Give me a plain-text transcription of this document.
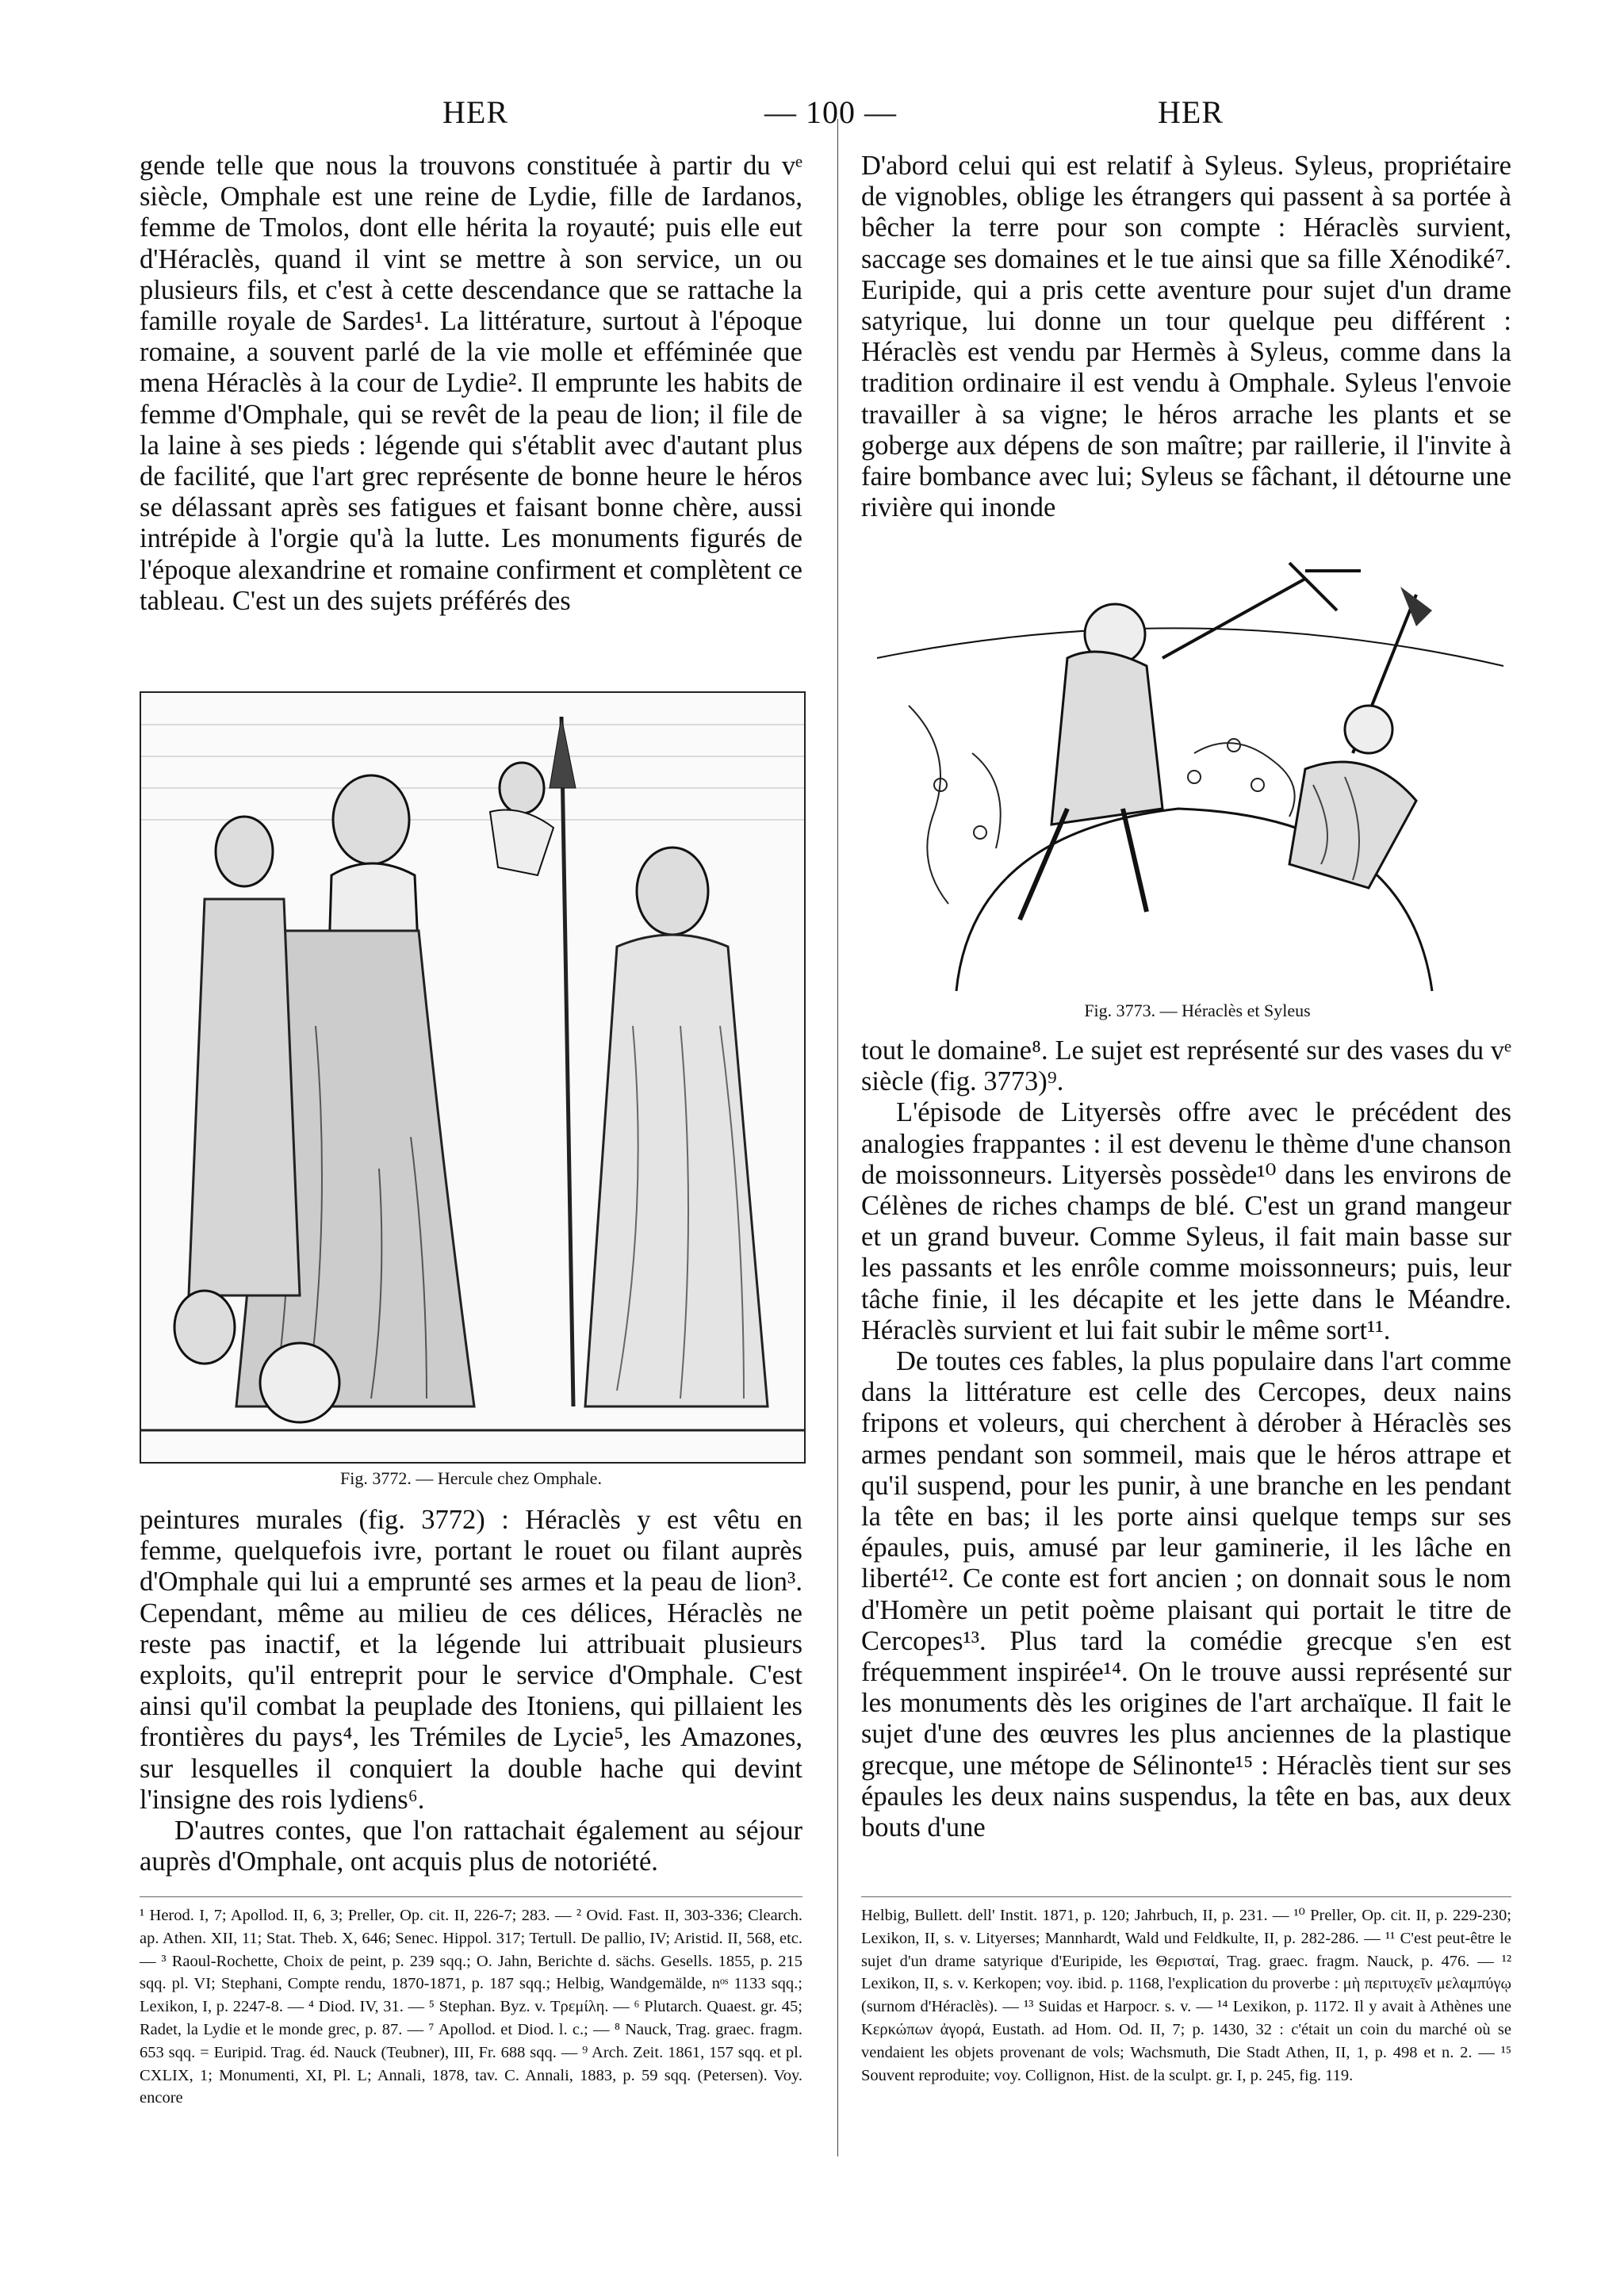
HER	— 100 —	HER

gende telle que nous la trouvons constituée à partir du vᵉ siècle, Omphale est une reine de Lydie, fille de Iardanos, femme de Tmolos, dont elle hérita la royauté; puis elle eut d'Héraclès, quand il vint se mettre à son service, un ou plusieurs fils, et c'est à cette descendance que se rattache la famille royale de Sardes¹. La littérature, surtout à l'époque romaine, a souvent parlé de la vie molle et efféminée que mena Héraclès à la cour de Lydie². Il emprunte les habits de femme d'Omphale, qui se revêt de la peau de lion; il file de la laine à ses pieds : légende qui s'établit avec d'autant plus de facilité, que l'art grec représente de bonne heure le héros se délassant après ses fatigues et faisant bonne chère, aussi intrépide à l'orgie qu'à la lutte. Les monuments figurés de l'époque alexandrine et romaine confirment et complètent ce tableau. C'est un des sujets préférés des

Fig. 3772. — Hercule chez Omphale.

peintures murales (fig. 3772) : Héraclès y est vêtu en femme, quelquefois ivre, portant le rouet ou filant auprès d'Omphale qui lui a emprunté ses armes et la peau de lion³. Cependant, même au milieu de ces délices, Héraclès ne reste pas inactif, et la légende lui attribuait plusieurs exploits, qu'il entreprit pour le service d'Omphale. C'est ainsi qu'il combat la peuplade des Itoniens, qui pillaient les frontières du pays⁴, les Trémiles de Lycie⁵, les Amazones, sur lesquelles il conquiert la double hache qui devint l'insigne des rois lydiens⁶.

D'autres contes, que l'on rattachait également au séjour auprès d'Omphale, ont acquis plus de notoriété.

D'abord celui qui est relatif à Syleus. Syleus, propriétaire de vignobles, oblige les étrangers qui passent à sa portée à bêcher la terre pour son compte : Héraclès survient, saccage ses domaines et le tue ainsi que sa fille Xénodiké⁷. Euripide, qui a pris cette aventure pour sujet d'un drame satyrique, lui donne un tour quelque peu différent : Héraclès est vendu par Hermès à Syleus, comme dans la tradition ordinaire il est vendu à Omphale. Syleus l'envoie travailler à sa vigne; le héros arrache les plants et se goberge aux dépens de son maître; par raillerie, il l'invite à faire bombance avec lui; Syleus se fâchant, il détourne une rivière qui inonde

Fig. 3773. — Héraclès et Syleus

tout le domaine⁸. Le sujet est représenté sur des vases du vᵉ siècle (fig. 3773)⁹.

L'épisode de Lityersès offre avec le précédent des analogies frappantes : il est devenu le thème d'une chanson de moissonneurs. Lityersès possède¹⁰ dans les environs de Célènes de riches champs de blé. C'est un grand mangeur et un grand buveur. Comme Syleus, il fait main basse sur les passants et les enrôle comme moissonneurs; puis, leur tâche finie, il les décapite et les jette dans le Méandre. Héraclès survient et lui fait subir le même sort¹¹.

De toutes ces fables, la plus populaire dans l'art comme dans la littérature est celle des Cercopes, deux nains fripons et voleurs, qui cherchent à dérober à Héraclès ses armes pendant son sommeil, mais que le héros attrape et qu'il suspend, pour les punir, à une branche en les pendant la tête en bas; il les porte ainsi quelque temps sur ses épaules, puis, amusé par leur gaminerie, il les lâche en liberté¹². Ce conte est fort ancien ; on donnait sous le nom d'Homère un petit poème plaisant qui portait le titre de Cercopes¹³. Plus tard la comédie grecque s'en est fréquemment inspirée¹⁴. On le trouve aussi représenté sur les monuments dès les origines de l'art archaïque. Il fait le sujet d'une des œuvres les plus anciennes de la plastique grecque, une métope de Sélinonte¹⁵ : Héraclès tient sur ses épaules les deux nains suspendus, la tête en bas, aux deux bouts d'une

¹ Herod. I, 7; Apollod. II, 6, 3; Preller, Op. cit. II, 226-7; 283. — ² Ovid. Fast. II, 303-336; Clearch. ap. Athen. XII, 11; Stat. Theb. X, 646; Senec. Hippol. 317; Tertull. De pallio, IV; Aristid. II, 568, etc. — ³ Raoul-Rochette, Choix de peint, p. 239 sqq.; O. Jahn, Berichte d. sächs. Gesells. 1855, p. 215 sqq. pl. VI; Stephani, Compte rendu, 1870-1871, p. 187 sqq.; Helbig, Wandgemälde, nᵒˢ 1133 sqq.; Lexikon, I, p. 2247-8. — ⁴ Diod. IV, 31. — ⁵ Stephan. Byz. v. Τρεμίλη. — ⁶ Plutarch. Quaest. gr. 45; Radet, la Lydie et le monde grec, p. 87. — ⁷ Apollod. et Diod. l. c.; — ⁸ Nauck, Trag. graec. fragm. 653 sqq. = Euripid. Trag. éd. Nauck (Teubner), III, Fr. 688 sqq. — ⁹ Arch. Zeit. 1861, 157 sqq. et pl. CXLIX, 1; Monumenti, XI, Pl. L; Annali, 1878, tav. C. Annali, 1883, p. 59 sqq. (Petersen). Voy. encore

Helbig, Bullett. dell' Instit. 1871, p. 120; Jahrbuch, II, p. 231. — ¹⁰ Preller, Op. cit. II, p. 229-230; Lexikon, II, s. v. Lityerses; Mannhardt, Wald und Feldkulte, II, p. 282-286. — ¹¹ C'est peut-être le sujet d'un drame satyrique d'Euripide, les Θερισταί, Trag. graec. fragm. Nauck, p. 476. — ¹² Lexikon, II, s. v. Kerkopen; voy. ibid. p. 1168, l'explication du proverbe : μὴ περιτυχεῖν μελαμπύγῳ (surnom d'Héraclès). — ¹³ Suidas et Harpocr. s. v. — ¹⁴ Lexikon, p. 1172. Il y avait à Athènes une Κερκώπων ἀγορά, Eustath. ad Hom. Od. II, 7; p. 1430, 32 : c'était un coin du marché où se vendaient les objets provenant de vols; Wachsmuth, Die Stadt Athen, II, 1, p. 498 et n. 2. — ¹⁵ Souvent reproduite; voy. Collignon, Hist. de la sculpt. gr. I, p. 245, fig. 119.
